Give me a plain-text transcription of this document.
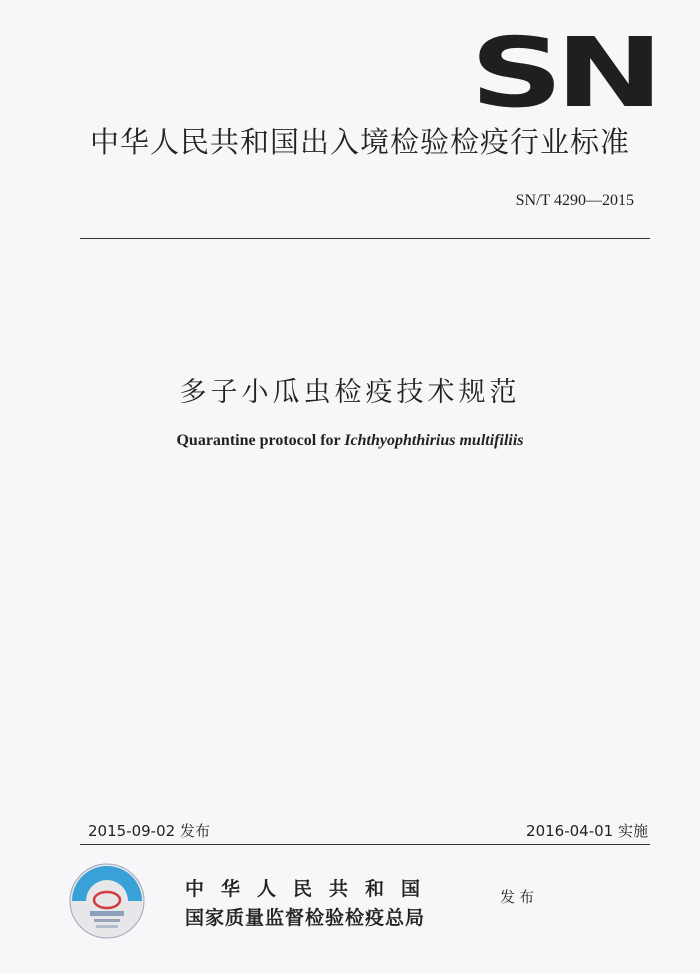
SN
中华人民共和国出入境检验检疫行业标准
SN/T 4290—2015
多子小瓜虫检疫技术规范
Quarantine protocol for Ichthyophthirius multifiliis
2015-09-02 发布	2016-04-01 实施
中华人民共和国
国家质量监督检验检疫总局
发布
